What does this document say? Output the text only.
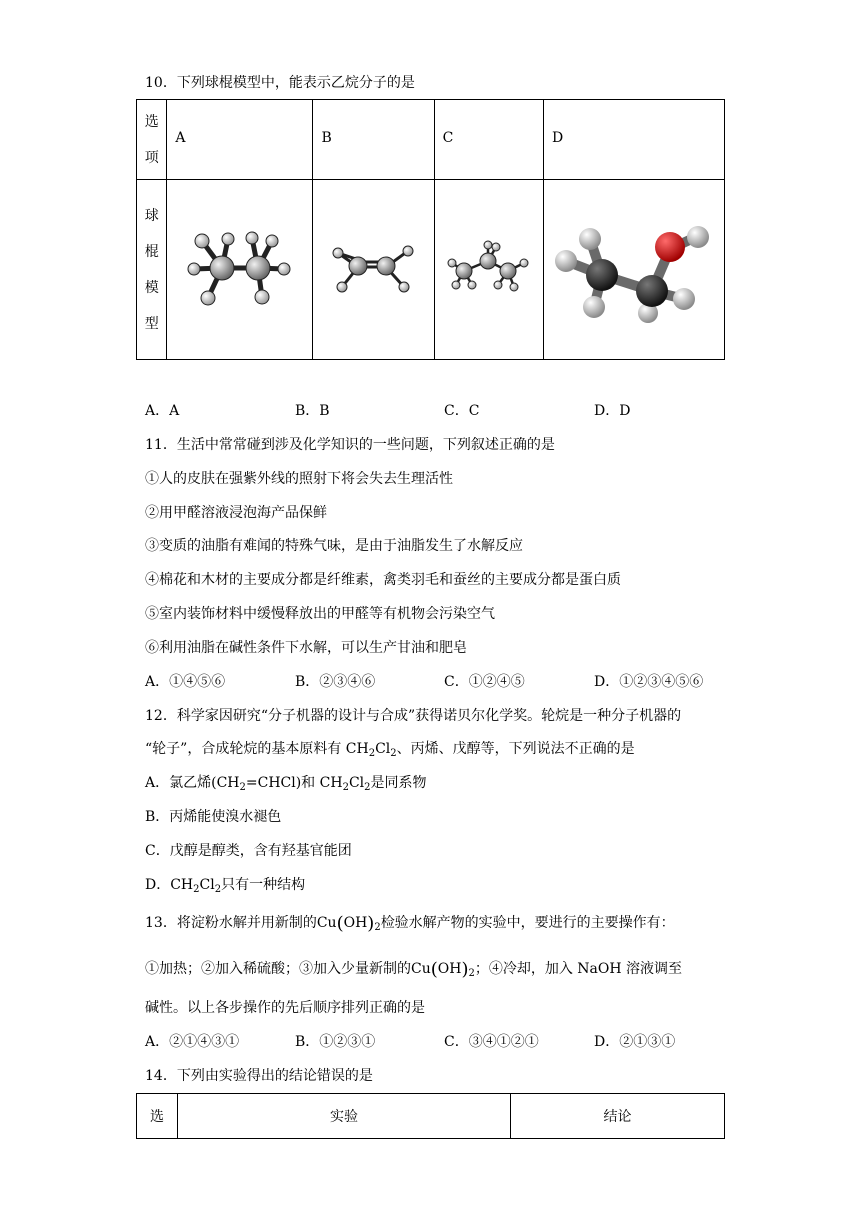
10．下列球棍模型中，能表示乙烷分子的是
选
项	A	B	C	D

球
棍
模
型

A．A	B．B	C．C	D．D
11．生活中常常碰到涉及化学知识的一些问题，下列叙述正确的是
①人的皮肤在强紫外线的照射下将会失去生理活性
②用甲醛溶液浸泡海产品保鲜
③变质的油脂有难闻的特殊气味，是由于油脂发生了水解反应
④棉花和木材的主要成分都是纤维素，禽类羽毛和蚕丝的主要成分都是蛋白质
⑤室内装饰材料中缓慢释放出的甲醛等有机物会污染空气
⑥利用油脂在碱性条件下水解，可以生产甘油和肥皂
A．①④⑤⑥	B．②③④⑥	C．①②④⑤	D．①②③④⑤⑥
12．科学家因研究“分子机器的设计与合成”获得诺贝尔化学奖。轮烷是一种分子机器的
“轮子”，合成轮烷的基本原料有 $CH_2Cl_2$、丙烯、戊醇等，下列说法不正确的是
A．氯乙烯$(CH_2=CHCl)$和 $CH_2Cl_2$是同系物
B．丙烯能使溴水褪色
C．戊醇是醇类，含有羟基官能团
D．$CH_2Cl_2$只有一种结构
13．将淀粉水解并用新制的$Cu(OH)_2$检验水解产物的实验中，要进行的主要操作有：
①加热；②加入稀硫酸；③加入少量新制的$Cu(OH)_2$；④冷却，加入 NaOH 溶液调至
碱性。以上各步操作的先后顺序排列正确的是
A．②①④③①	B．①②③①	C．③④①②①	D．②①③①
14．下列由实验得出的结论错误的是
选	实验	结论
